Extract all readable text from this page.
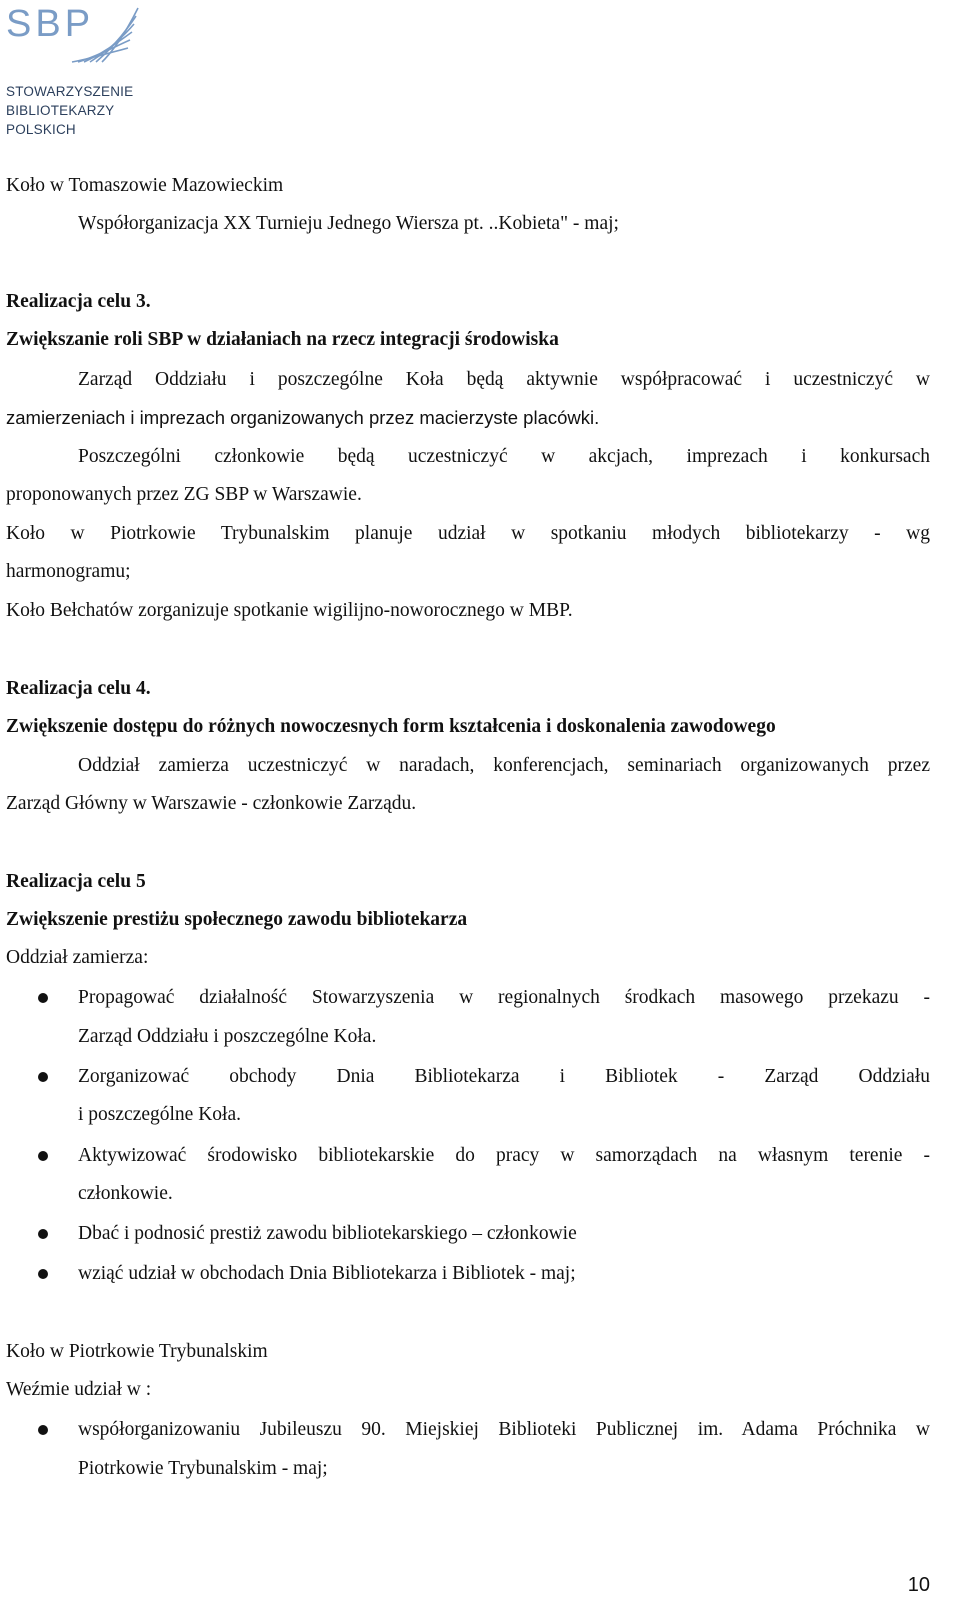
SBP
STOWARZYSZENIE
BIBLIOTEKARZY
POLSKICH
Koło w Tomaszowie Mazowieckim
Współorganizacja XX Turnieju Jednego Wiersza pt. ..Kobieta" - maj;
Realizacja celu 3.
Zwiększanie roli SBP w działaniach na rzecz integracji środowiska
Zarząd Oddziału i poszczególne Koła będą aktywnie współpracować i uczestniczyć w
zamierzeniach i imprezach organizowanych przez macierzyste placówki.
Poszczególni członkowie będą uczestniczyć w akcjach, imprezach i konkursach
proponowanych przez ZG SBP w Warszawie.
Koło w Piotrkowie Trybunalskim planuje udział w spotkaniu młodych bibliotekarzy - wg
harmonogramu;
Koło Bełchatów zorganizuje spotkanie wigilijno-noworocznego w MBP.
Realizacja celu 4.
Zwiększenie dostępu do różnych nowoczesnych form kształcenia i doskonalenia zawodowego
Oddział zamierza uczestniczyć w naradach, konferencjach, seminariach organizowanych przez
Zarząd Główny w Warszawie - członkowie Zarządu.
Realizacja celu 5
Zwiększenie prestiżu społecznego zawodu bibliotekarza
Oddział zamierza:
Propagować działalność Stowarzyszenia w regionalnych środkach masowego przekazu -
Zarząd Oddziału i poszczególne Koła.
Zorganizować obchody Dnia Bibliotekarza i Bibliotek - Zarząd Oddziału
i poszczególne Koła.
Aktywizować środowisko bibliotekarskie do pracy w samorządach na własnym terenie -
członkowie.
Dbać i podnosić prestiż zawodu bibliotekarskiego – członkowie
wziąć udział w obchodach Dnia Bibliotekarza i Bibliotek - maj;
Koło w Piotrkowie Trybunalskim
Weźmie udział w :
współorganizowaniu Jubileuszu 90. Miejskiej Biblioteki Publicznej im. Adama Próchnika w
Piotrkowie Trybunalskim - maj;
10
